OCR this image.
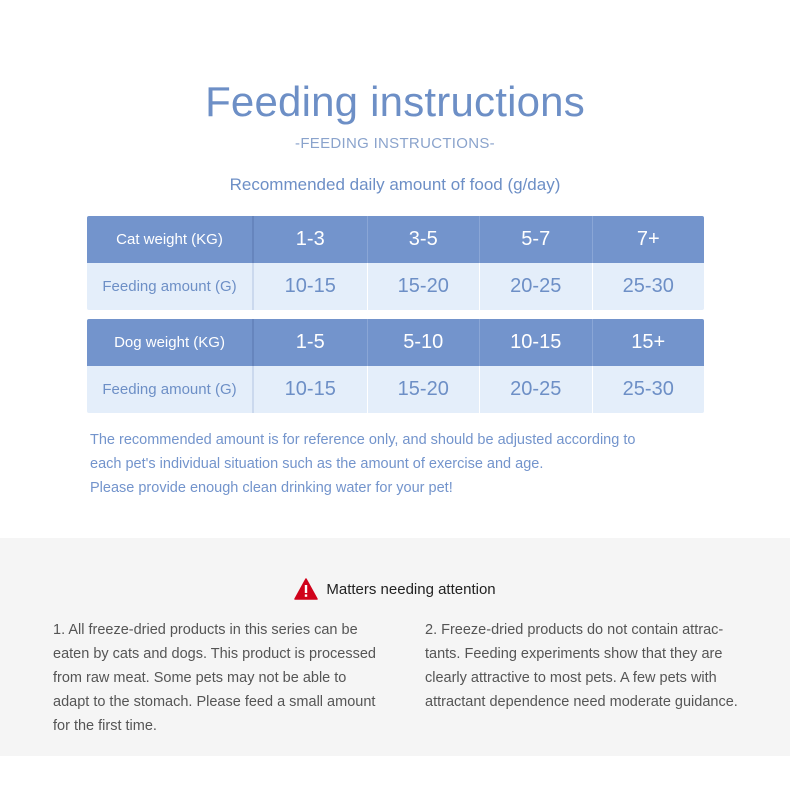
Feeding instructions
-FEEDING INSTRUCTIONS-
Recommended daily amount of food (g/day)
Cat weight (KG)	1-3	3-5	5-7	7+
Feeding amount (G)	10-15	15-20	20-25	25-30
Dog weight (KG)	1-5	5-10	10-15	15+
Feeding amount (G)	10-15	15-20	20-25	25-30
The recommended amount is for reference only, and should be adjusted according to
each pet's individual situation such as the amount of exercise and age.
Please provide enough clean drinking water for your pet!
Matters needing attention
1. All freeze-dried products in this series can be
eaten by cats and dogs. This product is processed
from raw meat. Some pets may not be able to
adapt to the stomach. Please feed a small amount
for the first time.
2. Freeze-dried products do not contain attrac-
tants. Feeding experiments show that they are
clearly attractive to most pets. A few pets with
attractant dependence need moderate guidance.
